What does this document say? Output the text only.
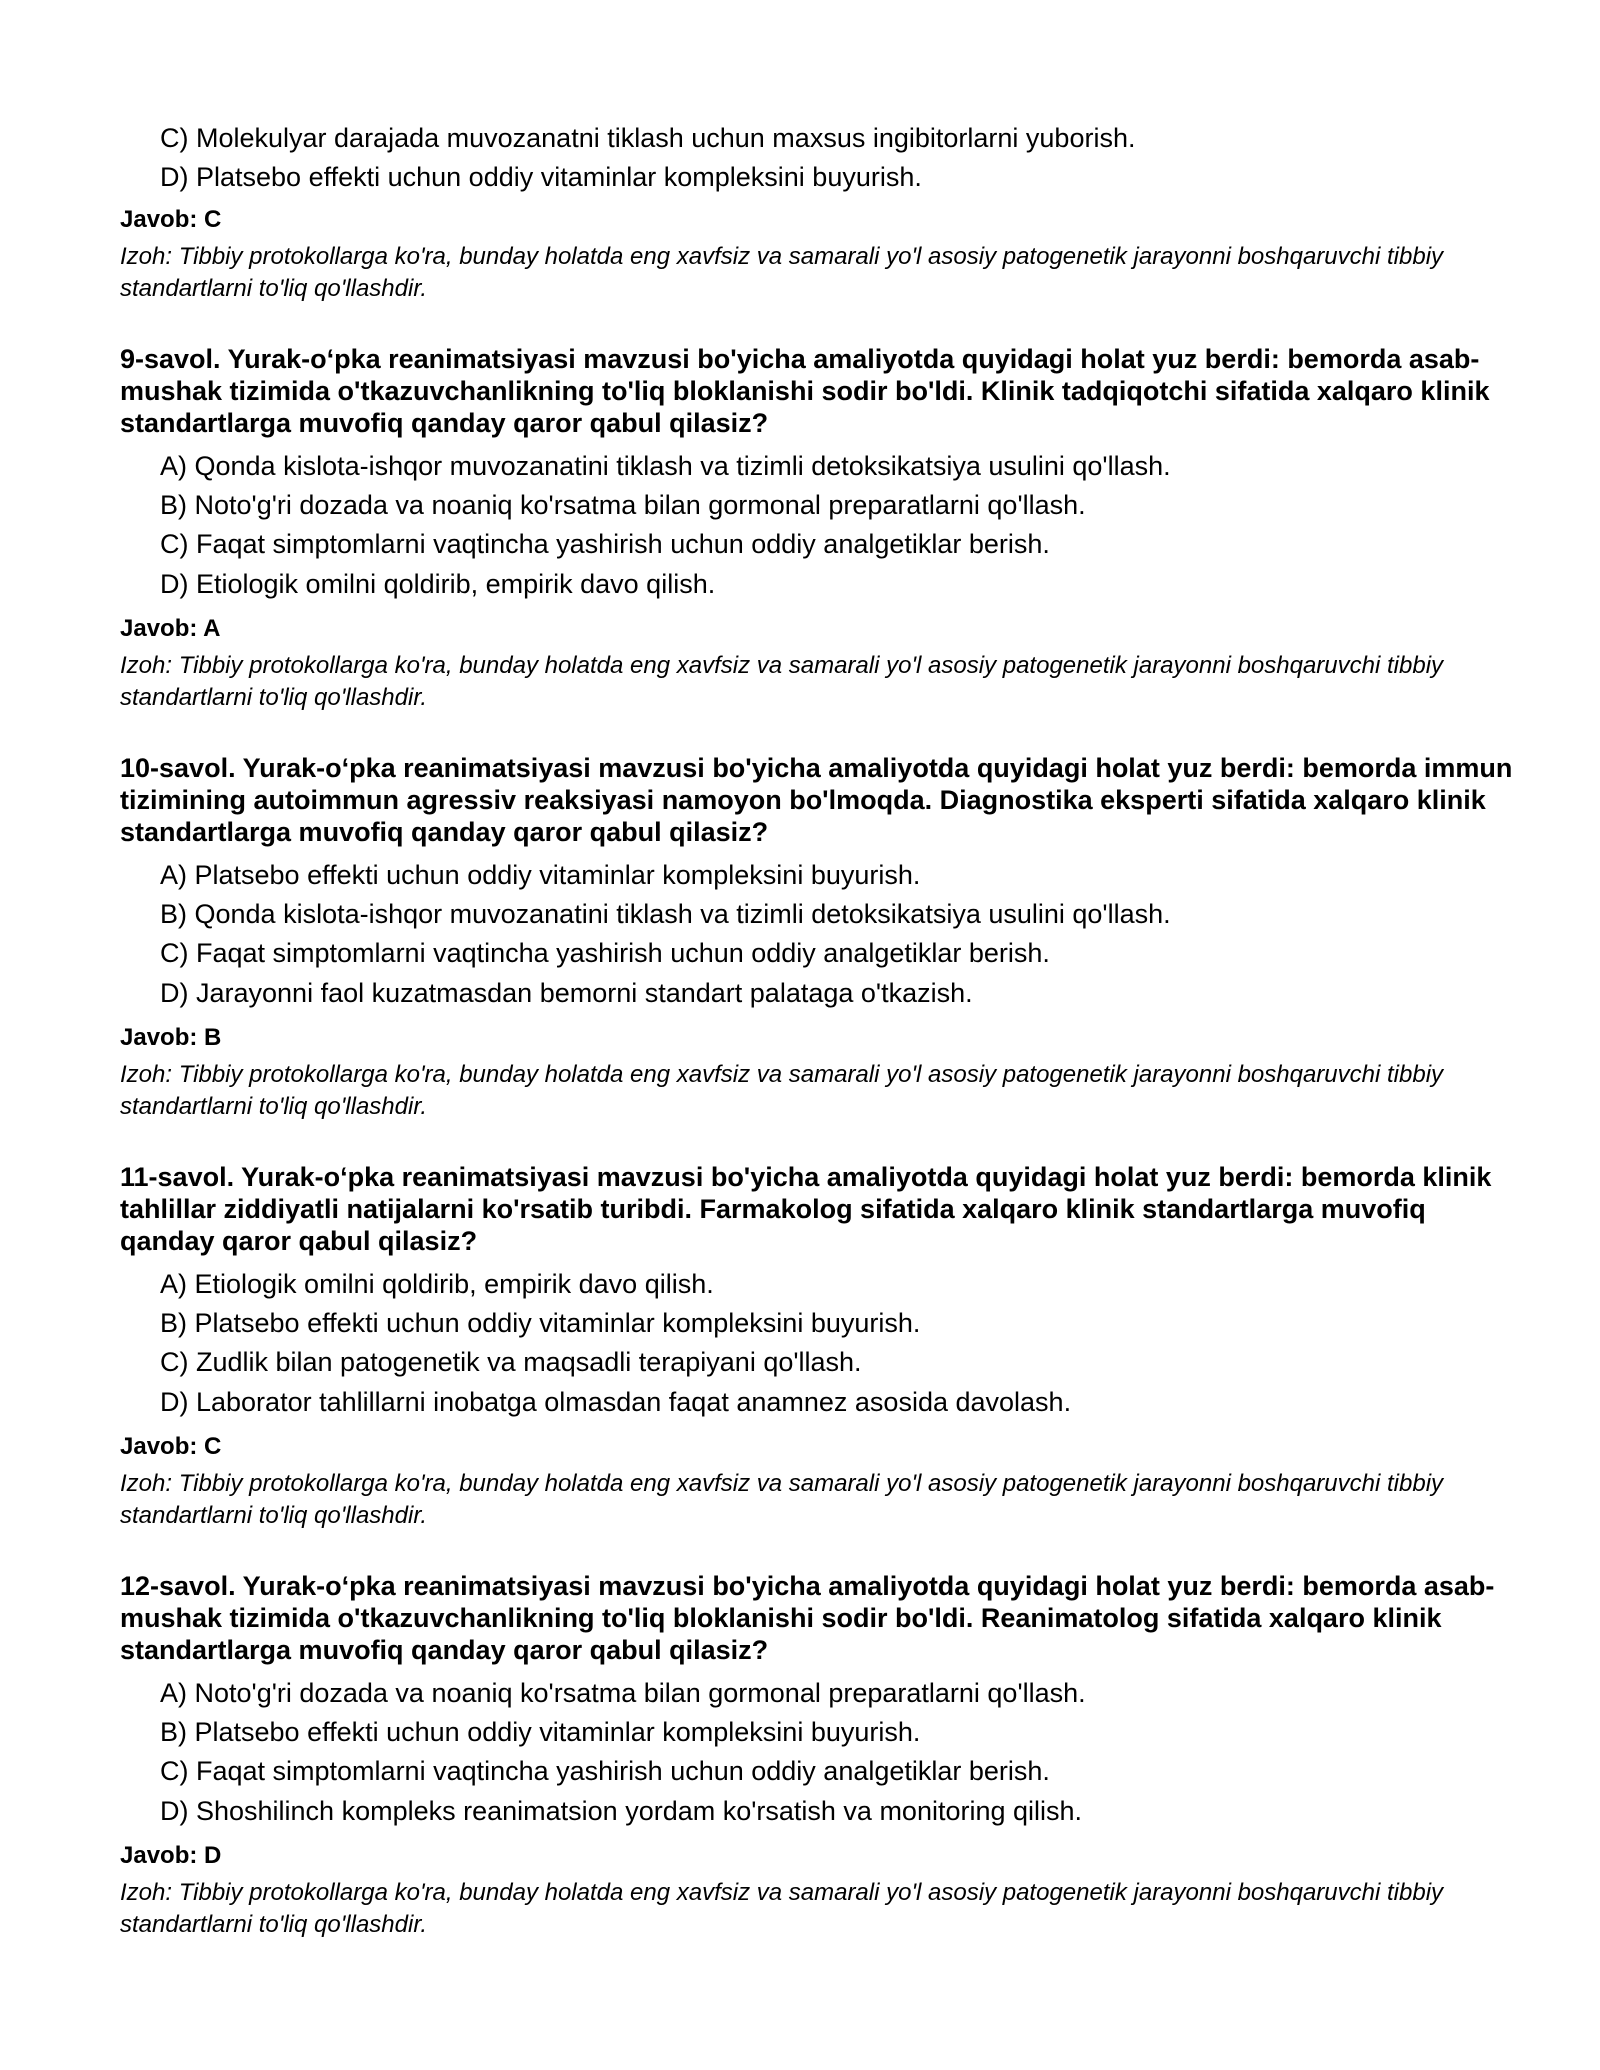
C) Molekulyar darajada muvozanatni tiklash uchun maxsus ingibitorlarni yuborish.

D) Platsebo effekti uchun oddiy vitaminlar kompleksini buyurish.

Javob: C

Izoh: Tibbiy protokollarga ko'ra, bunday holatda eng xavfsiz va samarali yo'l asosiy patogenetik jarayonni boshqaruvchi tibbiy standartlarni to'liq qo'llashdir.

9-savol. Yurak-o‘pka reanimatsiyasi mavzusi bo'yicha amaliyotda quyidagi holat yuz berdi: bemorda asab-mushak tizimida o'tkazuvchanlikning to'liq bloklanishi sodir bo'ldi. Klinik tadqiqotchi sifatida xalqaro klinik standartlarga muvofiq qanday qaror qabul qilasiz?

A) Qonda kislota-ishqor muvozanatini tiklash va tizimli detoksikatsiya usulini qo'llash.

B) Noto'g'ri dozada va noaniq ko'rsatma bilan gormonal preparatlarni qo'llash.

C) Faqat simptomlarni vaqtincha yashirish uchun oddiy analgetiklar berish.

D) Etiologik omilni qoldirib, empirik davo qilish.

Javob: A

Izoh: Tibbiy protokollarga ko'ra, bunday holatda eng xavfsiz va samarali yo'l asosiy patogenetik jarayonni boshqaruvchi tibbiy standartlarni to'liq qo'llashdir.

10-savol. Yurak-o‘pka reanimatsiyasi mavzusi bo'yicha amaliyotda quyidagi holat yuz berdi: bemorda immun tizimining autoimmun agressiv reaksiyasi namoyon bo'lmoqda. Diagnostika eksperti sifatida xalqaro klinik standartlarga muvofiq qanday qaror qabul qilasiz?

A) Platsebo effekti uchun oddiy vitaminlar kompleksini buyurish.

B) Qonda kislota-ishqor muvozanatini tiklash va tizimli detoksikatsiya usulini qo'llash.

C) Faqat simptomlarni vaqtincha yashirish uchun oddiy analgetiklar berish.

D) Jarayonni faol kuzatmasdan bemorni standart palataga o'tkazish.

Javob: B

Izoh: Tibbiy protokollarga ko'ra, bunday holatda eng xavfsiz va samarali yo'l asosiy patogenetik jarayonni boshqaruvchi tibbiy standartlarni to'liq qo'llashdir.

11-savol. Yurak-o‘pka reanimatsiyasi mavzusi bo'yicha amaliyotda quyidagi holat yuz berdi: bemorda klinik tahlillar ziddiyatli natijalarni ko'rsatib turibdi. Farmakolog sifatida xalqaro klinik standartlarga muvofiq qanday qaror qabul qilasiz?

A) Etiologik omilni qoldirib, empirik davo qilish.

B) Platsebo effekti uchun oddiy vitaminlar kompleksini buyurish.

C) Zudlik bilan patogenetik va maqsadli terapiyani qo'llash.

D) Laborator tahlillarni inobatga olmasdan faqat anamnez asosida davolash.

Javob: C

Izoh: Tibbiy protokollarga ko'ra, bunday holatda eng xavfsiz va samarali yo'l asosiy patogenetik jarayonni boshqaruvchi tibbiy standartlarni to'liq qo'llashdir.

12-savol. Yurak-o‘pka reanimatsiyasi mavzusi bo'yicha amaliyotda quyidagi holat yuz berdi: bemorda asab-mushak tizimida o'tkazuvchanlikning to'liq bloklanishi sodir bo'ldi. Reanimatolog sifatida xalqaro klinik standartlarga muvofiq qanday qaror qabul qilasiz?

A) Noto'g'ri dozada va noaniq ko'rsatma bilan gormonal preparatlarni qo'llash.

B) Platsebo effekti uchun oddiy vitaminlar kompleksini buyurish.

C) Faqat simptomlarni vaqtincha yashirish uchun oddiy analgetiklar berish.

D) Shoshilinch kompleks reanimatsion yordam ko'rsatish va monitoring qilish.

Javob: D

Izoh: Tibbiy protokollarga ko'ra, bunday holatda eng xavfsiz va samarali yo'l asosiy patogenetik jarayonni boshqaruvchi tibbiy standartlarni to'liq qo'llashdir.
